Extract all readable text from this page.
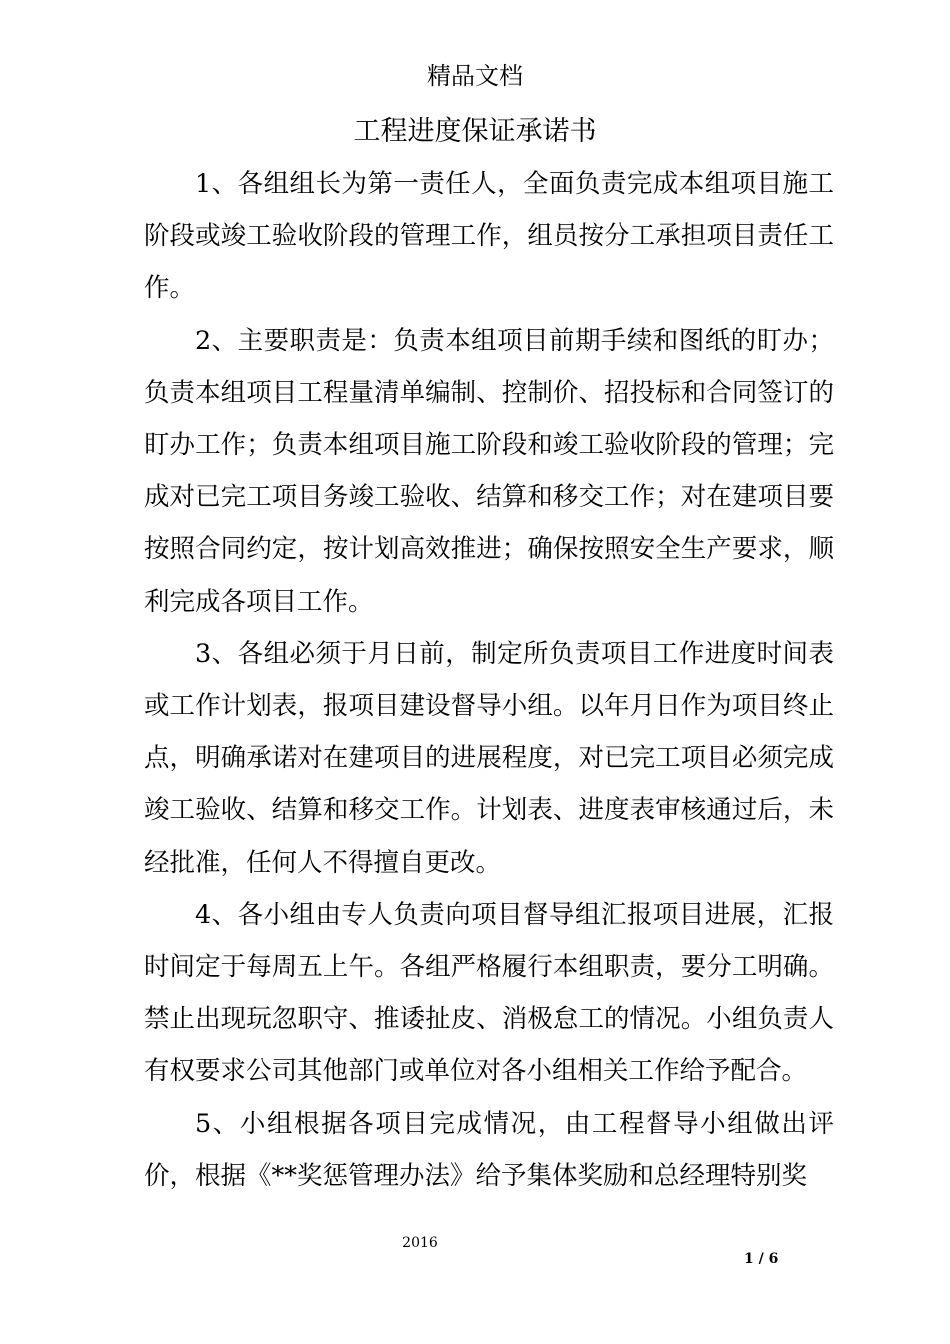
精品文档
工程进度保证承诺书

1、各组组长为第一责任人，全面负责完成本组项目施工阶段或竣工验收阶段的管理工作，组员按分工承担项目责任工作。

2、主要职责是：负责本组项目前期手续和图纸的盯办；负责本组项目工程量清单编制、控制价、招投标和合同签订的盯办工作；负责本组项目施工阶段和竣工验收阶段的管理；完成对已完工项目务竣工验收、结算和移交工作；对在建项目要按照合同约定，按计划高效推进；确保按照安全生产要求，顺利完成各项目工作。

3、各组必须于月日前，制定所负责项目工作进度时间表或工作计划表，报项目建设督导小组。以年月日作为项目终止点，明确承诺对在建项目的进展程度，对已完工项目必须完成竣工验收、结算和移交工作。计划表、进度表审核通过后，未经批准，任何人不得擅自更改。

4、各小组由专人负责向项目督导组汇报项目进展，汇报时间定于每周五上午。各组严格履行本组职责，要分工明确。禁止出现玩忽职守、推诿扯皮、消极怠工的情况。小组负责人有权要求公司其他部门或单位对各小组相关工作给予配合。

5、小组根据各项目完成情况，由工程督导小组做出评价，根据《**奖惩管理办法》给予集体奖励和总经理特别奖

2016
1 / 6
